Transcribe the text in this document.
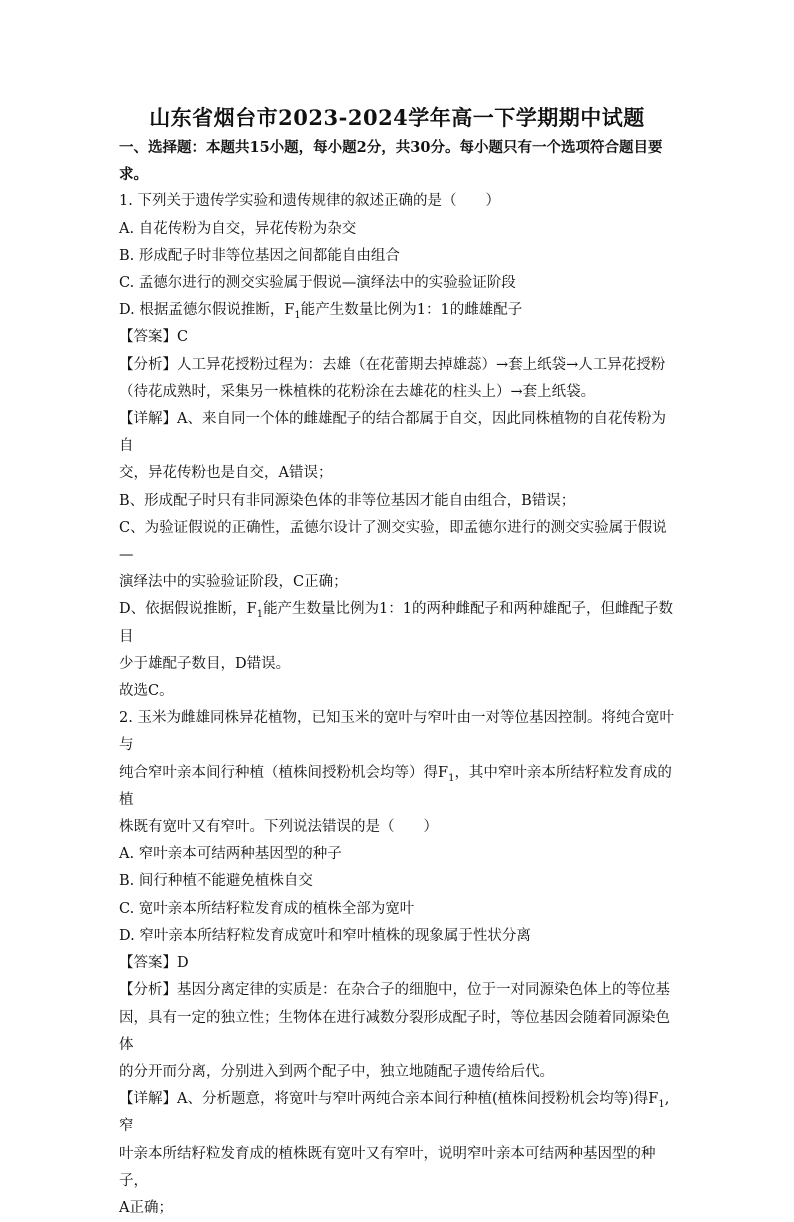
山东省烟台市2023-2024学年高一下学期期中试题

一、选择题：本题共15小题，每小题2分，共30分。每小题只有一个选项符合题目要

求。

1. 下列关于遗传学实验和遗传规律的叙述正确的是（　　）

A. 自花传粉为自交，异花传粉为杂交

B. 形成配子时非等位基因之间都能自由组合

C. 孟德尔进行的测交实验属于假说—演绎法中的实验验证阶段

D. 根据孟德尔假说推断，$F_1$能产生数量比例为1：1的雌雄配子

【答案】C

【分析】人工异花授粉过程为：去雄（在花蕾期去掉雄蕊）→套上纸袋→人工异花授粉

（待花成熟时，采集另一株植株的花粉涂在去雄花的柱头上）→套上纸袋。

【详解】A、来自同一个体的雌雄配子的结合都属于自交，因此同株植物的自花传粉为自

交，异花传粉也是自交，A错误；

B、形成配子时只有非同源染色体的非等位基因才能自由组合，B错误；

C、为验证假说的正确性，孟德尔设计了测交实验，即孟德尔进行的测交实验属于假说—

演绎法中的实验验证阶段，C正确；

D、依据假说推断，$F_1$能产生数量比例为1：1的两种雌配子和两种雄配子，但雌配子数目

少于雄配子数目，D错误。

故选C。

2. 玉米为雌雄同株异花植物，已知玉米的宽叶与窄叶由一对等位基因控制。将纯合宽叶与

纯合窄叶亲本间行种植（植株间授粉机会均等）得$F_1$，其中窄叶亲本所结籽粒发育成的植

株既有宽叶又有窄叶。下列说法错误的是（　　）

A. 窄叶亲本可结两种基因型的种子

B. 间行种植不能避免植株自交

C. 宽叶亲本所结籽粒发育成的植株全部为宽叶

D. 窄叶亲本所结籽粒发育成宽叶和窄叶植株的现象属于性状分离

【答案】D

【分析】基因分离定律的实质是：在杂合子的细胞中，位于一对同源染色体上的等位基

因，具有一定的独立性；生物体在进行减数分裂形成配子时，等位基因会随着同源染色体

的分开而分离，分别进入到两个配子中，独立地随配子遗传给后代。

【详解】A、分析题意，将宽叶与窄叶两纯合亲本间行种植(植株间授粉机会均等)得$F_1$,窄

叶亲本所结籽粒发育成的植株既有宽叶又有窄叶，说明窄叶亲本可结两种基因型的种子，

A正确；
